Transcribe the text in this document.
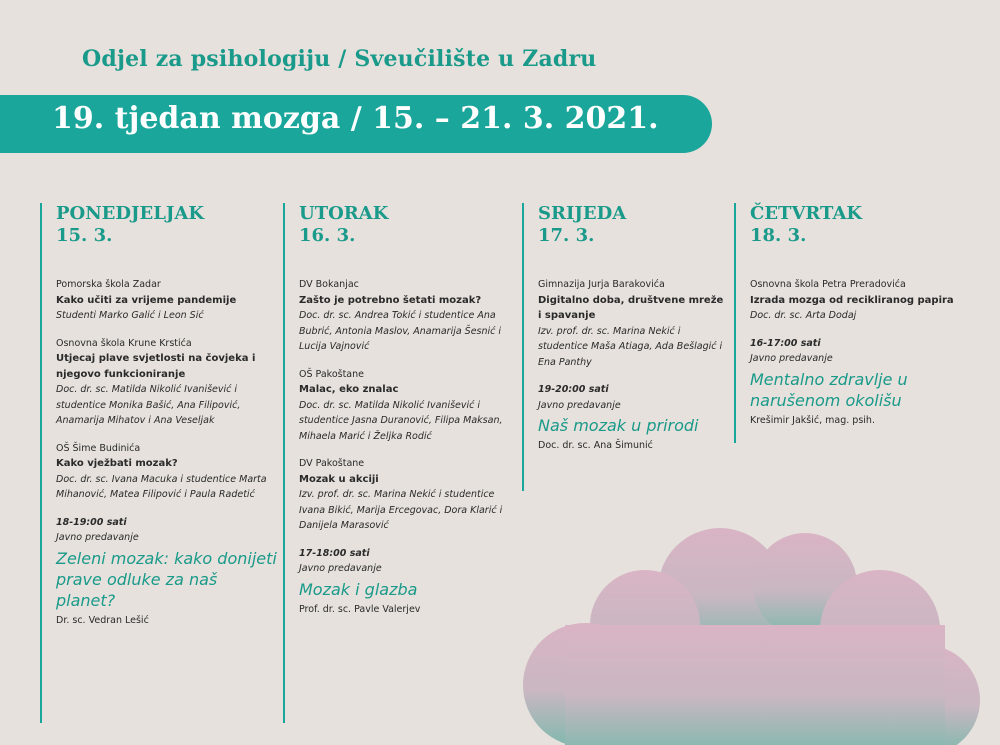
Odjel za psihologiju / Sveučilište u Zadru
19. tjedan mozga / 15. – 21. 3. 2021.
PONEDJELJAK
15. 3.
Pomorska škola Zadar
Kako učiti za vrijeme pandemije
Studenti Marko Galić i Leon Sić
Osnovna škola Krune Krstića
Utjecaj plave svjetlosti na čovjeka i njegovo funkcioniranje
Doc. dr. sc. Matilda Nikolić Ivanišević i studentice Monika Bašić, Ana Filipović, Anamarija Mihatov i Ana Veseljak
OŠ Šime Budinića
Kako vježbati mozak?
Doc. dr. sc. Ivana Macuka i studentice Marta Mihanović, Matea Filipović i Paula Radetić
18-19:00 sati
Javno predavanje
Zeleni mozak: kako donijeti prave odluke za naš planet?
Dr. sc. Vedran Lešić
UTORAK
16. 3.
DV Bokanjac
Zašto je potrebno šetati mozak?
Doc. dr. sc. Andrea Tokić i studentice Ana Bubrić, Antonia Maslov, Anamarija Šesnić i Lucija Vajnović
OŠ Pakoštane
Malac, eko znalac
Doc. dr. sc. Matilda Nikolić Ivanišević i studentice Jasna Duranović, Filipa Maksan, Mihaela Marić i Željka Rodić
DV Pakoštane
Mozak u akciji
Izv. prof. dr. sc. Marina Nekić i studentice Ivana Bikić, Marija Ercegovac, Dora Klarić i Danijela Marasović
17-18:00 sati
Javno predavanje
Mozak i glazba
Prof. dr. sc. Pavle Valerjev
SRIJEDA
17. 3.
Gimnazija Jurja Barakovića
Digitalno doba, društvene mreže i spavanje
Izv. prof. dr. sc. Marina Nekić i studentice Maša Atiaga, Ada Bešlagić i Ena Panthy
19-20:00 sati
Javno predavanje
Naš mozak u prirodi
Doc. dr. sc. Ana Šimunić
ČETVRTAK
18. 3.
Osnovna škola Petra Preradovića
Izrada mozga od recikliranog papira
Doc. dr. sc. Arta Dodaj
16-17:00 sati
Javno predavanje
Mentalno zdravlje u narušenom okolišu
Krešimir Jakšić, mag. psih.
